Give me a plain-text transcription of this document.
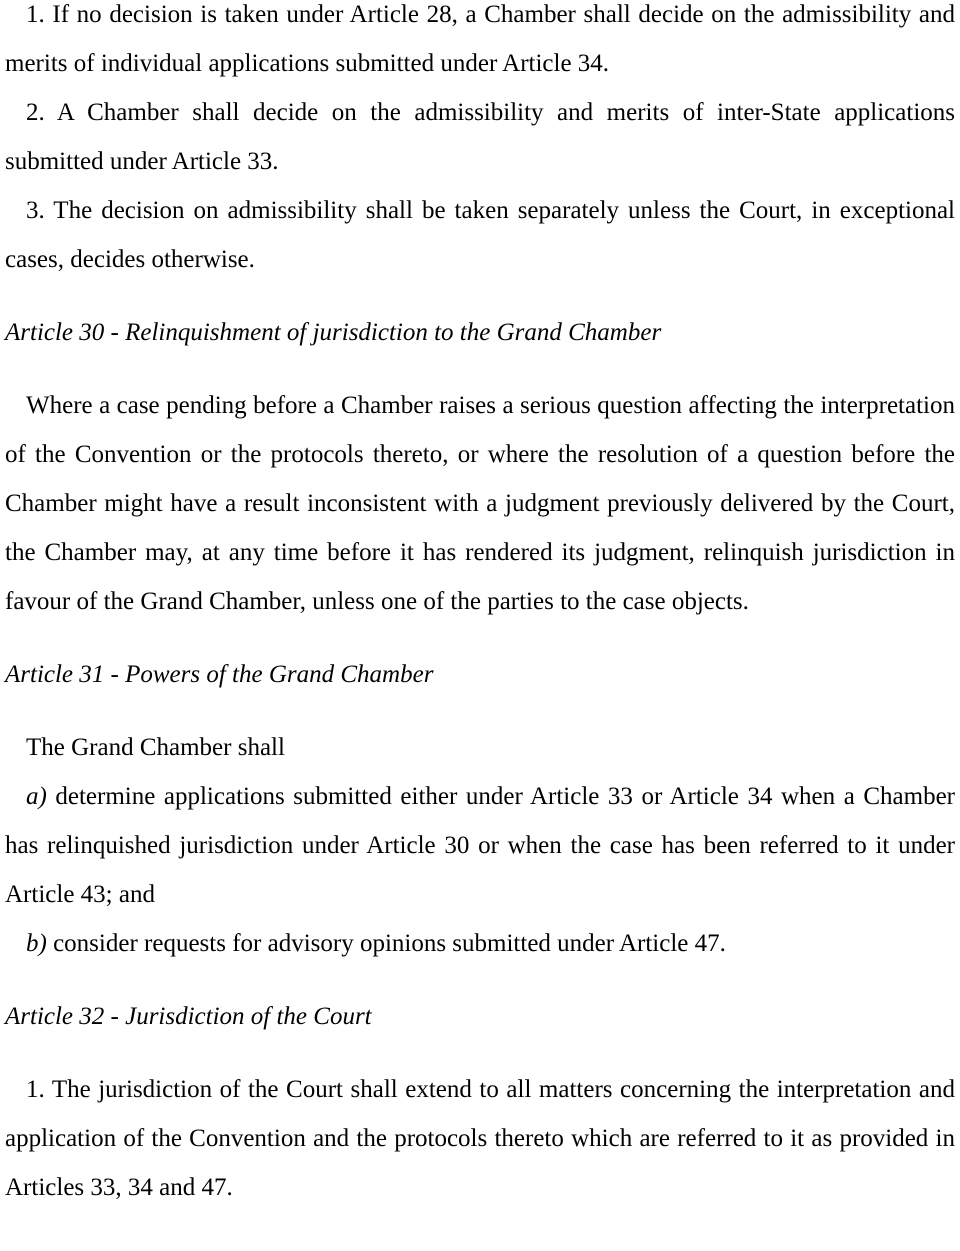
1. If no decision is taken under Article 28, a Chamber shall decide on the admissibility and merits of individual applications submitted under Article 34.

2. A Chamber shall decide on the admissibility and merits of inter-State applications submitted under Article 33.

3. The decision on admissibility shall be taken separately unless the Court, in exceptional cases, decides otherwise.

Article 30 - Relinquishment of jurisdiction to the Grand Chamber

Where a case pending before a Chamber raises a serious question affecting the interpretation of the Convention or the protocols thereto, or where the resolution of a question before the Chamber might have a result inconsistent with a judgment previously delivered by the Court, the Chamber may, at any time before it has rendered its judgment, relinquish jurisdiction in favour of the Grand Chamber, unless one of the parties to the case objects.

Article 31 - Powers of the Grand Chamber

The Grand Chamber shall

a) determine applications submitted either under Article 33 or Article 34 when a Chamber has relinquished jurisdiction under Article 30 or when the case has been referred to it under Article 43; and

b) consider requests for advisory opinions submitted under Article 47.

Article 32 - Jurisdiction of the Court

1. The jurisdiction of the Court shall extend to all matters concerning the interpretation and application of the Convention and the protocols thereto which are referred to it as provided in Articles 33, 34 and 47.
